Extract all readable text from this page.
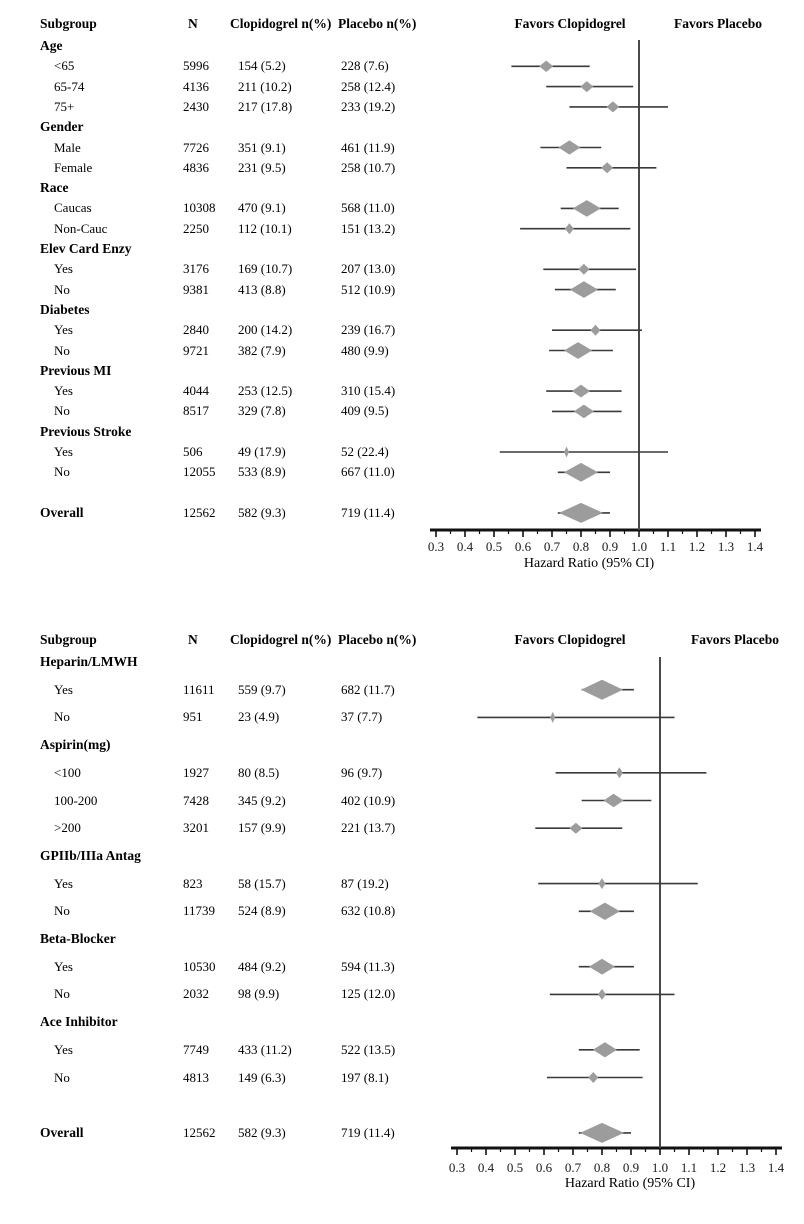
0.3 0.4 0.5 0.6 0.7 0.8 0.9 1.0 1.1 1.2 1.3 1.4
0.3 0.4 0.5 0.6 0.7 0.8 0.9 1.0 1.1 1.2 1.3 1.4
Subgroup	N Clopidogrel n(%) Placebo n(%)	Favors Clopidogrel	Favors Placebo
Subgroup	N Clopidogrel n(%) Placebo n(%)	Favors Clopidogrel	Favors Placebo
Age
<65	5996 154 (5.2)	228 (7.6)
65-74	4136 211 (10.2)	258 (12.4)
75+	2430 217 (17.8)	233 (19.2)
Gender
Male	7726 351 (9.1)	461 (11.9)
Female	4836 231 (9.5)	258 (10.7)
Race
Caucas	10308 470 (9.1)	568 (11.0)
Non-Cauc	2250 112 (10.1)	151 (13.2)
Elev Card Enzy
Yes	3176 169 (10.7)	207 (13.0)
No	9381 413 (8.8)	512 (10.9)
Diabetes
Yes	2840 200 (14.2)	239 (16.7)
No	9721 382 (7.9)	480 (9.9)
Previous MI
Yes	4044 253 (12.5)	310 (15.4)
No	8517 329 (7.8)	409 (9.5)
Previous Stroke
Yes	506	49 (17.9)	52 (22.4)
No	12055 533 (8.9)	667 (11.0)
Overall	12562 582 (9.3)	719 (11.4)
Heparin/LMWH
Yes	11611 559 (9.7)	682 (11.7)
No	951	23 (4.9)	37 (7.7)
Aspirin(mg)
<100	1927 80 (8.5)	96 (9.7)
100-200	7428 345 (9.2)	402 (10.9)
>200	3201 157 (9.9)	221 (13.7)
GPIIb/IIIa Antag
Yes	823	58 (15.7)	87 (19.2)
No	11739 524 (8.9)	632 (10.8)
Beta-Blocker
Yes	10530 484 (9.2)	594 (11.3)
No	2032 98 (9.9)	125 (12.0)
Ace Inhibitor
Yes	7749 433 (11.2)	522 (13.5)
No	4813 149 (6.3)	197 (8.1)
Overall	12562 582 (9.3)	719 (11.4)
Hazard Ratio (95% CI)
Hazard Ratio (95% CI)
